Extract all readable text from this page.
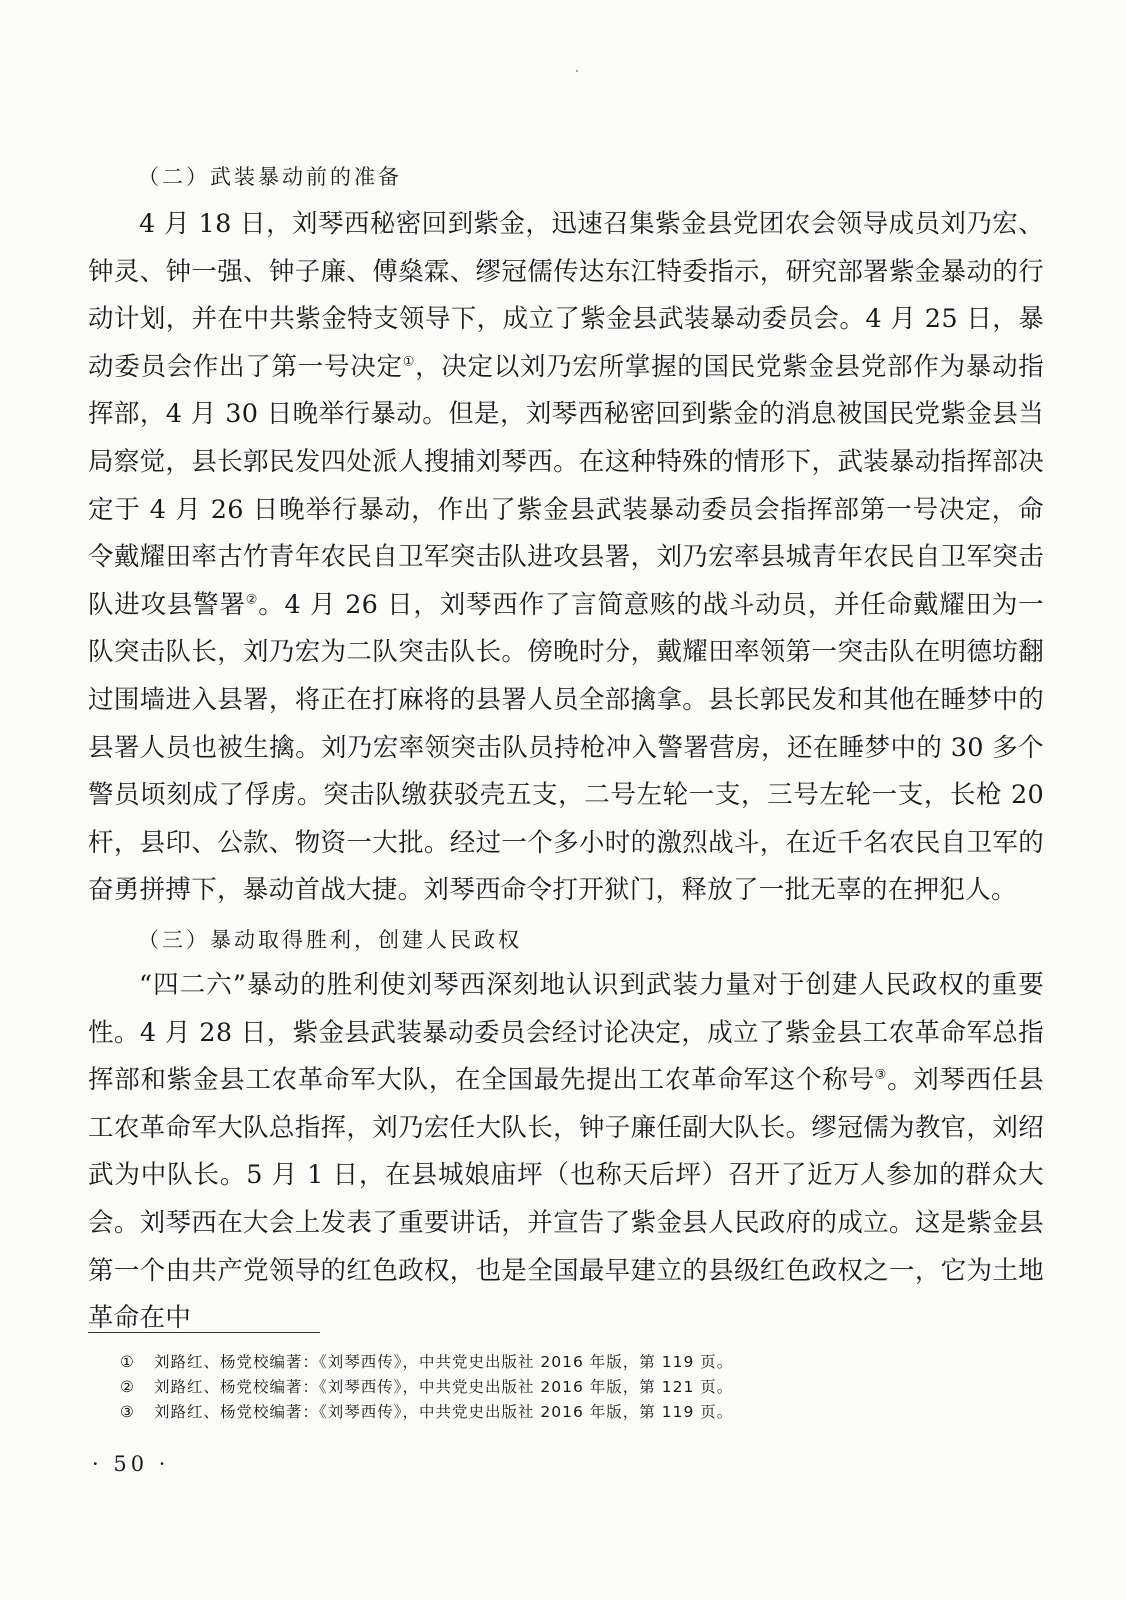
（二）武装暴动前的准备

4 月 18 日，刘琴西秘密回到紫金，迅速召集紫金县党团农会领导成员刘乃宏、钟灵、钟一强、钟子廉、傅燊霖、缪冠儒传达东江特委指示，研究部署紫金暴动的行动计划，并在中共紫金特支领导下，成立了紫金县武装暴动委员会。4 月 25 日，暴动委员会作出了第一号决定①，决定以刘乃宏所掌握的国民党紫金县党部作为暴动指挥部，4 月 30 日晚举行暴动。但是，刘琴西秘密回到紫金的消息被国民党紫金县当局察觉，县长郭民发四处派人搜捕刘琴西。在这种特殊的情形下，武装暴动指挥部决定于 4 月 26 日晚举行暴动，作出了紫金县武装暴动委员会指挥部第一号决定，命令戴耀田率古竹青年农民自卫军突击队进攻县署，刘乃宏率县城青年农民自卫军突击队进攻县警署②。4 月 26 日，刘琴西作了言简意赅的战斗动员，并任命戴耀田为一队突击队长，刘乃宏为二队突击队长。傍晚时分，戴耀田率领第一突击队在明德坊翻过围墙进入县署，将正在打麻将的县署人员全部擒拿。县长郭民发和其他在睡梦中的县署人员也被生擒。刘乃宏率领突击队员持枪冲入警署营房，还在睡梦中的 30 多个警员顷刻成了俘虏。突击队缴获驳壳五支，二号左轮一支，三号左轮一支，长枪 20 杆，县印、公款、物资一大批。经过一个多小时的激烈战斗，在近千名农民自卫军的奋勇拼搏下，暴动首战大捷。刘琴西命令打开狱门，释放了一批无辜的在押犯人。

（三）暴动取得胜利，创建人民政权

“四二六”暴动的胜利使刘琴西深刻地认识到武装力量对于创建人民政权的重要性。4 月 28 日，紫金县武装暴动委员会经讨论决定，成立了紫金县工农革命军总指挥部和紫金县工农革命军大队，在全国最先提出工农革命军这个称号③。刘琴西任县工农革命军大队总指挥，刘乃宏任大队长，钟子廉任副大队长。缪冠儒为教官，刘绍武为中队长。5 月 1 日，在县城娘庙坪（也称天后坪）召开了近万人参加的群众大会。刘琴西在大会上发表了重要讲话，并宣告了紫金县人民政府的成立。这是紫金县第一个由共产党领导的红色政权，也是全国最早建立的县级红色政权之一，它为土地革命在中

① 刘路红、杨党校编著：《刘琴西传》，中共党史出版社 2016 年版，第 119 页。
② 刘路红、杨党校编著：《刘琴西传》，中共党史出版社 2016 年版，第 121 页。
③ 刘路红、杨党校编著：《刘琴西传》，中共党史出版社 2016 年版，第 119 页。
· 50 ·
